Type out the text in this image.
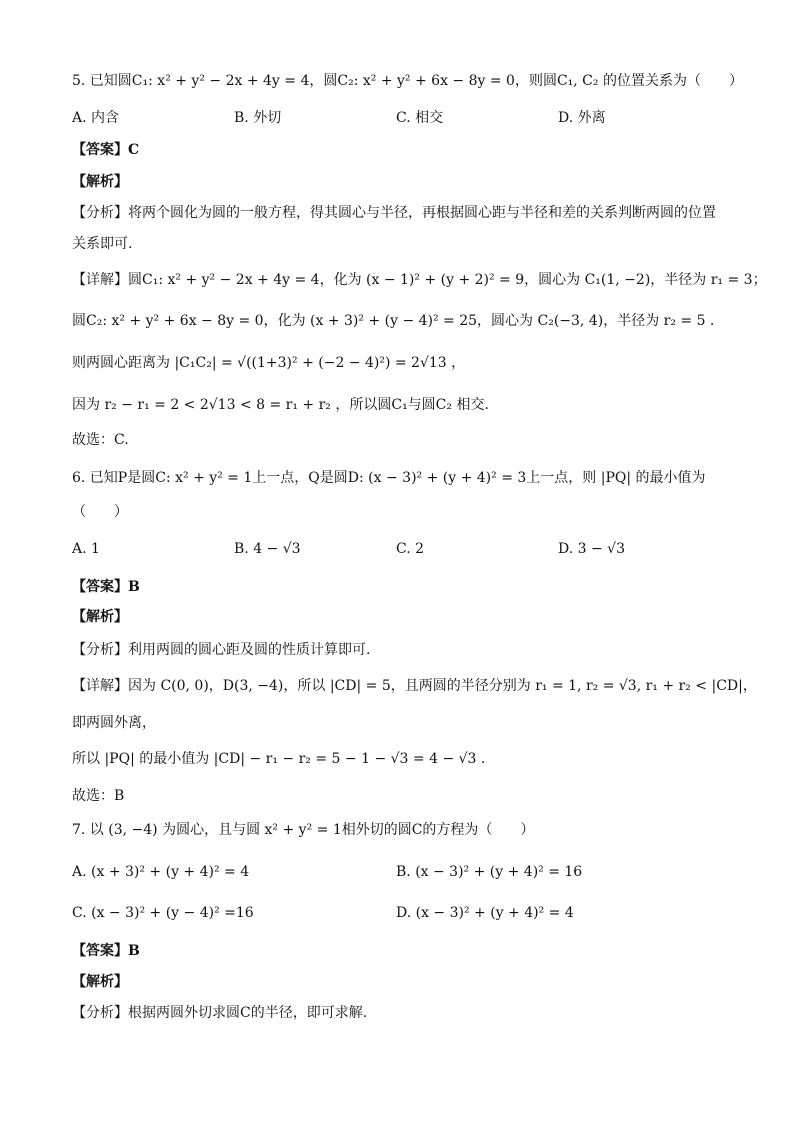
5. 已知圆C₁: x² + y² − 2x + 4y = 4，圆C₂: x² + y² + 6x − 8y = 0，则圆C₁, C₂ 的位置关系为（　　）
A. 内含	B. 外切	C. 相交	D. 外离
【答案】C
【解析】
【分析】将两个圆化为圆的一般方程，得其圆心与半径，再根据圆心距与半径和差的关系判断两圆的位置
关系即可.
【详解】圆C₁: x² + y² − 2x + 4y = 4，化为 (x − 1)² + (y + 2)² = 9，圆心为 C₁(1, −2)，半径为 r₁ = 3；
圆C₂: x² + y² + 6x − 8y = 0，化为 (x + 3)² + (y − 4)² = 25，圆心为 C₂(−3, 4)，半径为 r₂ = 5 .
则两圆心距离为 |C₁C₂| = √((1+3)² + (−2 − 4)²) = 2√13 ，
因为 r₂ − r₁ = 2 < 2√13 < 8 = r₁ + r₂ ，所以圆C₁与圆C₂ 相交.
故选：C.
6. 已知P是圆C: x² + y² = 1上一点，Q是圆D: (x − 3)² + (y + 4)² = 3上一点，则 |PQ| 的最小值为
（　　）
A. 1	B. 4 − √3	C. 2	D. 3 − √3
【答案】B
【解析】
【分析】利用两圆的圆心距及圆的性质计算即可.
【详解】因为 C(0, 0)，D(3, −4)，所以 |CD| = 5，且两圆的半径分别为 r₁ = 1, r₂ = √3, r₁ + r₂ < |CD|，
即两圆外离，
所以 |PQ| 的最小值为 |CD| − r₁ − r₂ = 5 − 1 − √3 = 4 − √3 .
故选：B
7. 以 (3, −4) 为圆心，且与圆 x² + y² = 1相外切的圆C的方程为（　　）
A. (x + 3)² + (y + 4)² = 4	B. (x − 3)² + (y + 4)² = 16
C. (x − 3)² + (y − 4)² =16	D. (x − 3)² + (y + 4)² = 4
【答案】B
【解析】
【分析】根据两圆外切求圆C的半径，即可求解.
